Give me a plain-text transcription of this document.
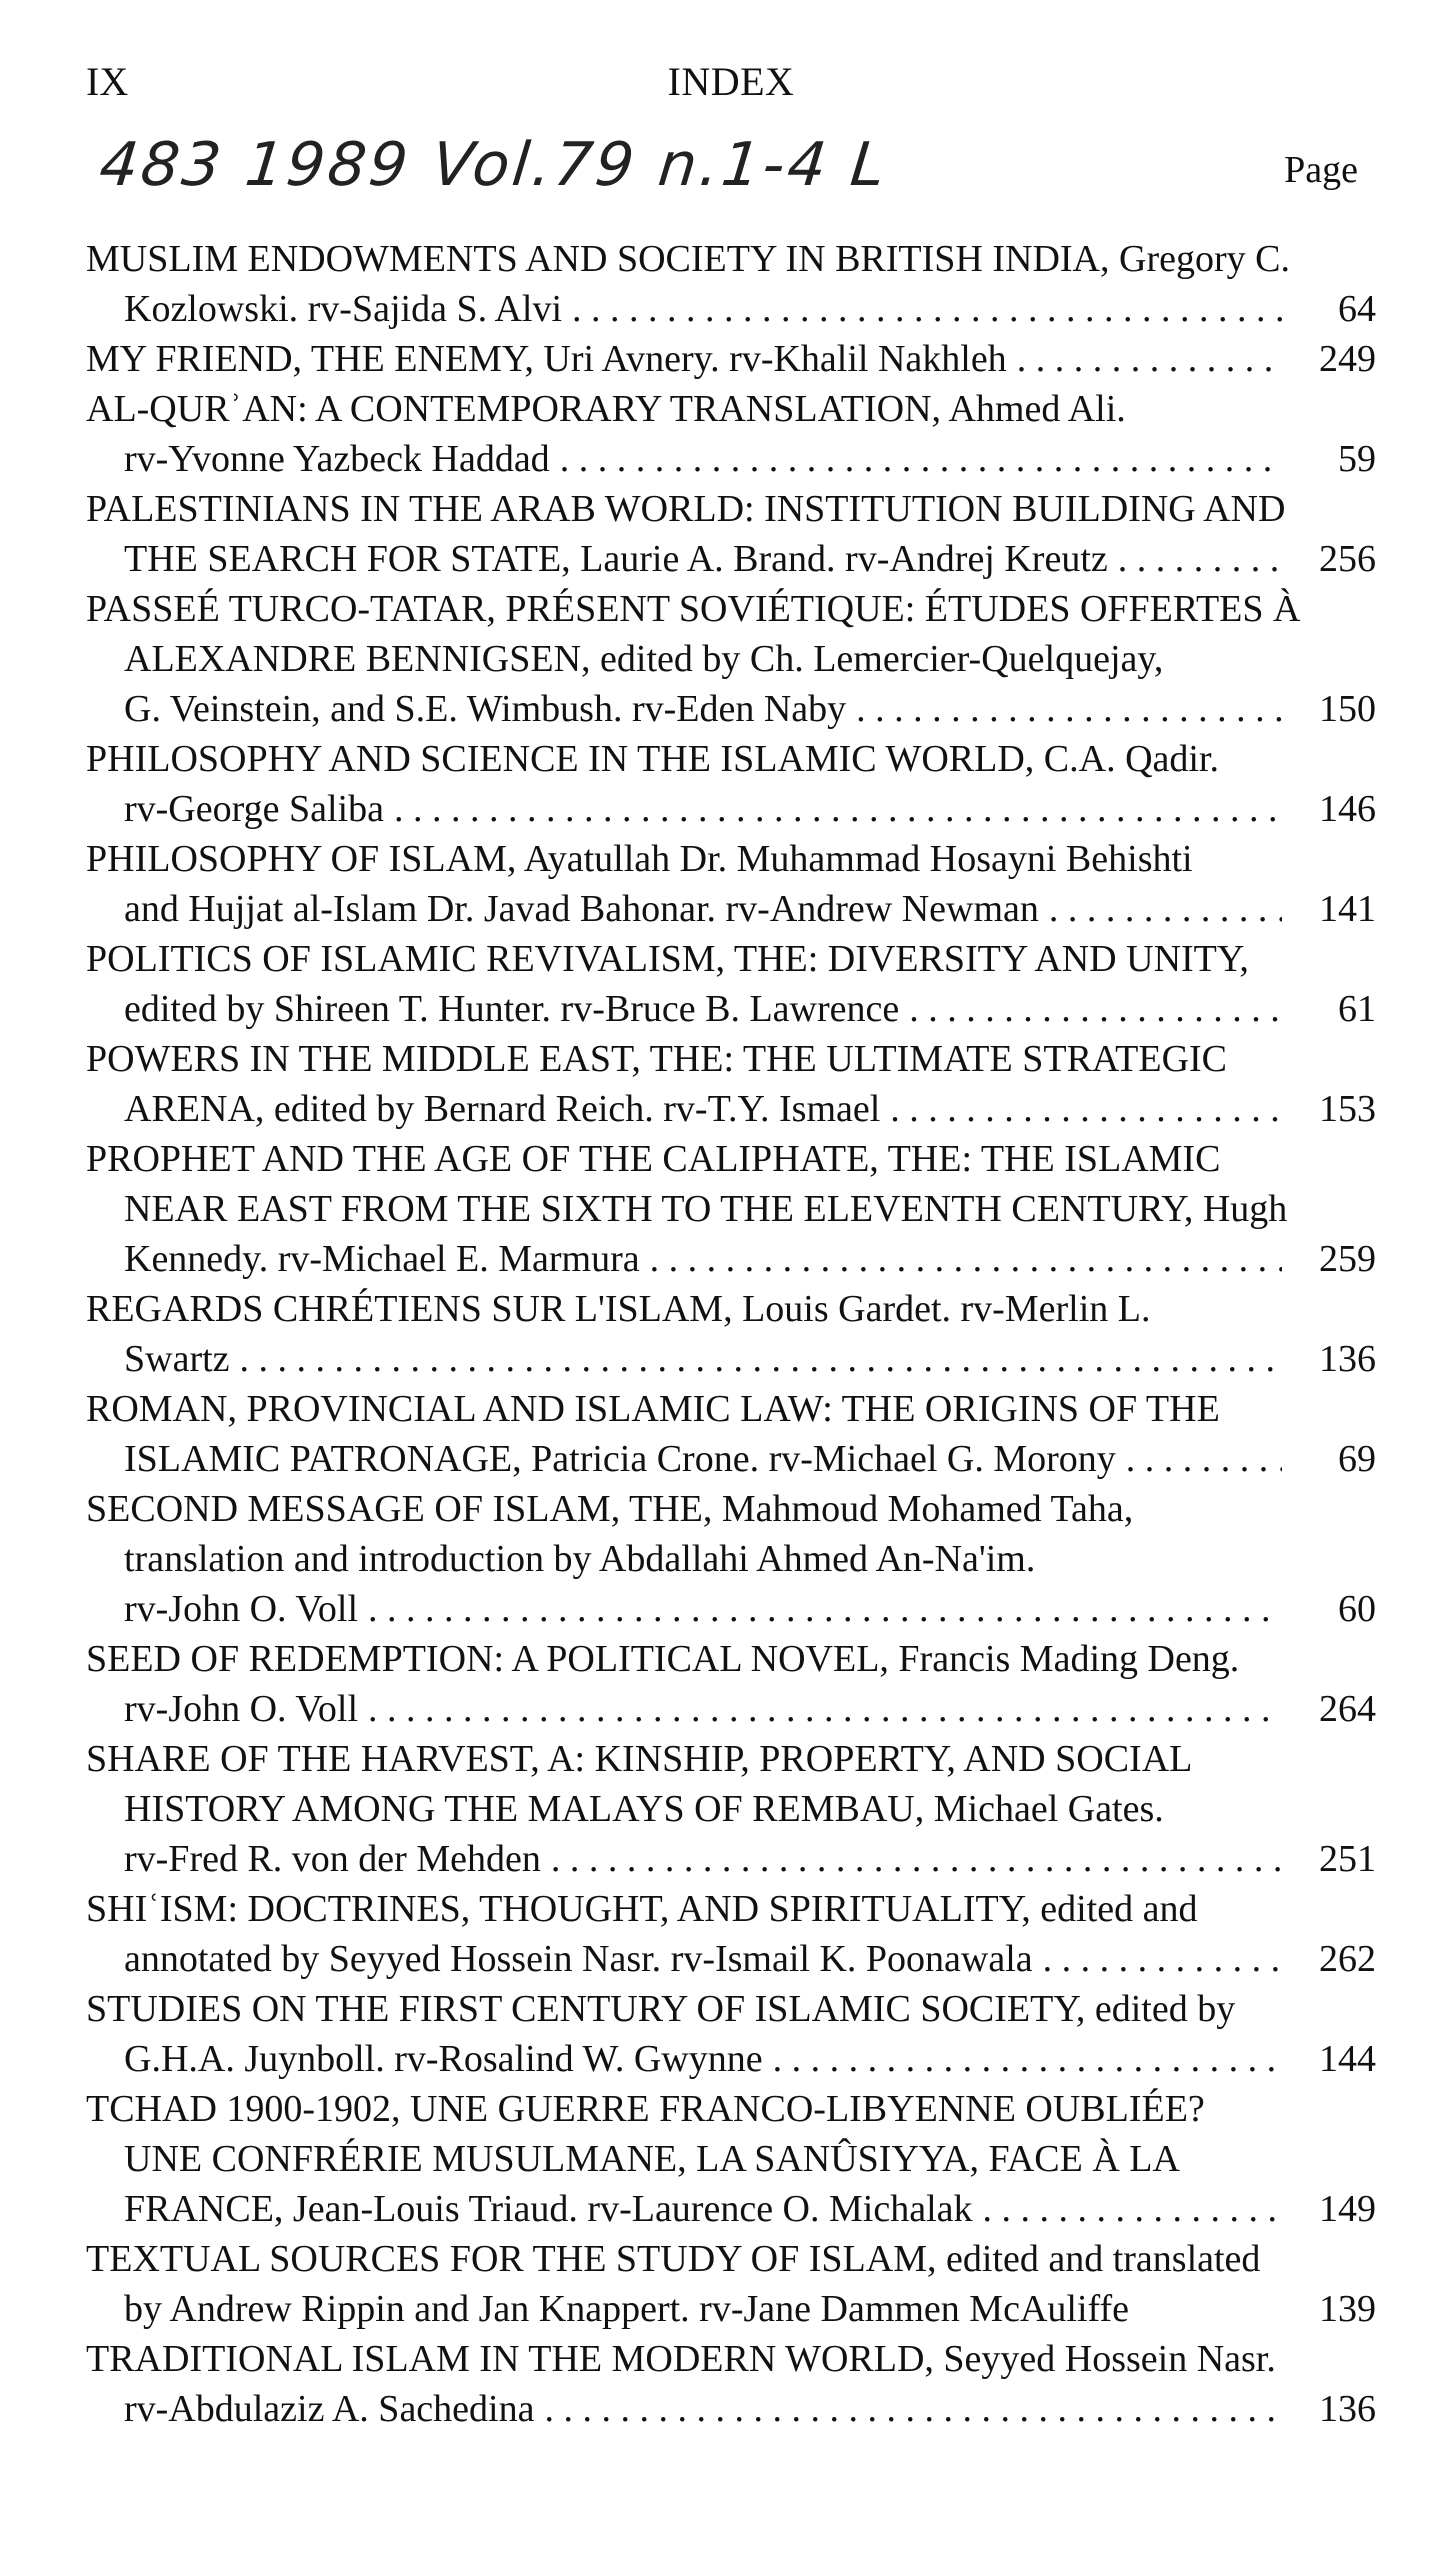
IX	INDEX
483 1989 Vol.79 n.1-4 L	Page
MUSLIM ENDOWMENTS AND SOCIETY IN BRITISH INDIA, Gregory C.
Kozlowski. rv-Sajida S. Alvi . . .	64
MY FRIEND, THE ENEMY, Uri Avnery. rv-Khalil Nakhleh . . .	249
AL-QURʾAN: A CONTEMPORARY TRANSLATION, Ahmed Ali.
rv-Yvonne Yazbeck Haddad . . .	59
PALESTINIANS IN THE ARAB WORLD: INSTITUTION BUILDING AND
THE SEARCH FOR STATE, Laurie A. Brand. rv-Andrej Kreutz . . .	256
PASSEÉ TURCO-TATAR, PRÉSENT SOVIÉTIQUE: ÉTUDES OFFERTES À
ALEXANDRE BENNIGSEN, edited by Ch. Lemercier-Quelquejay,
G. Veinstein, and S.E. Wimbush. rv-Eden Naby . . .	150
PHILOSOPHY AND SCIENCE IN THE ISLAMIC WORLD, C.A. Qadir.
rv-George Saliba . . .	146
PHILOSOPHY OF ISLAM, Ayatullah Dr. Muhammad Hosayni Behishti
and Hujjat al-Islam Dr. Javad Bahonar. rv-Andrew Newman . . .	141
POLITICS OF ISLAMIC REVIVALISM, THE: DIVERSITY AND UNITY,
edited by Shireen T. Hunter. rv-Bruce B. Lawrence . . .	61
POWERS IN THE MIDDLE EAST, THE: THE ULTIMATE STRATEGIC
ARENA, edited by Bernard Reich. rv-T.Y. Ismael . . .	153
PROPHET AND THE AGE OF THE CALIPHATE, THE: THE ISLAMIC
NEAR EAST FROM THE SIXTH TO THE ELEVENTH CENTURY, Hugh
Kennedy. rv-Michael E. Marmura . . .	259
REGARDS CHRÉTIENS SUR L'ISLAM, Louis Gardet. rv-Merlin L.
Swartz . . .	136
ROMAN, PROVINCIAL AND ISLAMIC LAW: THE ORIGINS OF THE
ISLAMIC PATRONAGE, Patricia Crone. rv-Michael G. Morony . . .	69
SECOND MESSAGE OF ISLAM, THE, Mahmoud Mohamed Taha,
translation and introduction by Abdallahi Ahmed An-Na'im.
rv-John O. Voll . . .	60
SEED OF REDEMPTION: A POLITICAL NOVEL, Francis Mading Deng.
rv-John O. Voll . . .	264
SHARE OF THE HARVEST, A: KINSHIP, PROPERTY, AND SOCIAL
HISTORY AMONG THE MALAYS OF REMBAU, Michael Gates.
rv-Fred R. von der Mehden . . .	251
SHIʿISM: DOCTRINES, THOUGHT, AND SPIRITUALITY, edited and
annotated by Seyyed Hossein Nasr. rv-Ismail K. Poonawala . . .	262
STUDIES ON THE FIRST CENTURY OF ISLAMIC SOCIETY, edited by
G.H.A. Juynboll. rv-Rosalind W. Gwynne . . .	144
TCHAD 1900-1902, UNE GUERRE FRANCO-LIBYENNE OUBLIÉE?
UNE CONFRÉRIE MUSULMANE, LA SANÛSIYYA, FACE À LA
FRANCE, Jean-Louis Triaud. rv-Laurence O. Michalak . . .	149
TEXTUAL SOURCES FOR THE STUDY OF ISLAM, edited and translated
by Andrew Rippin and Jan Knappert. rv-Jane Dammen McAuliffe	139
TRADITIONAL ISLAM IN THE MODERN WORLD, Seyyed Hossein Nasr.
rv-Abdulaziz A. Sachedina . . .	136
